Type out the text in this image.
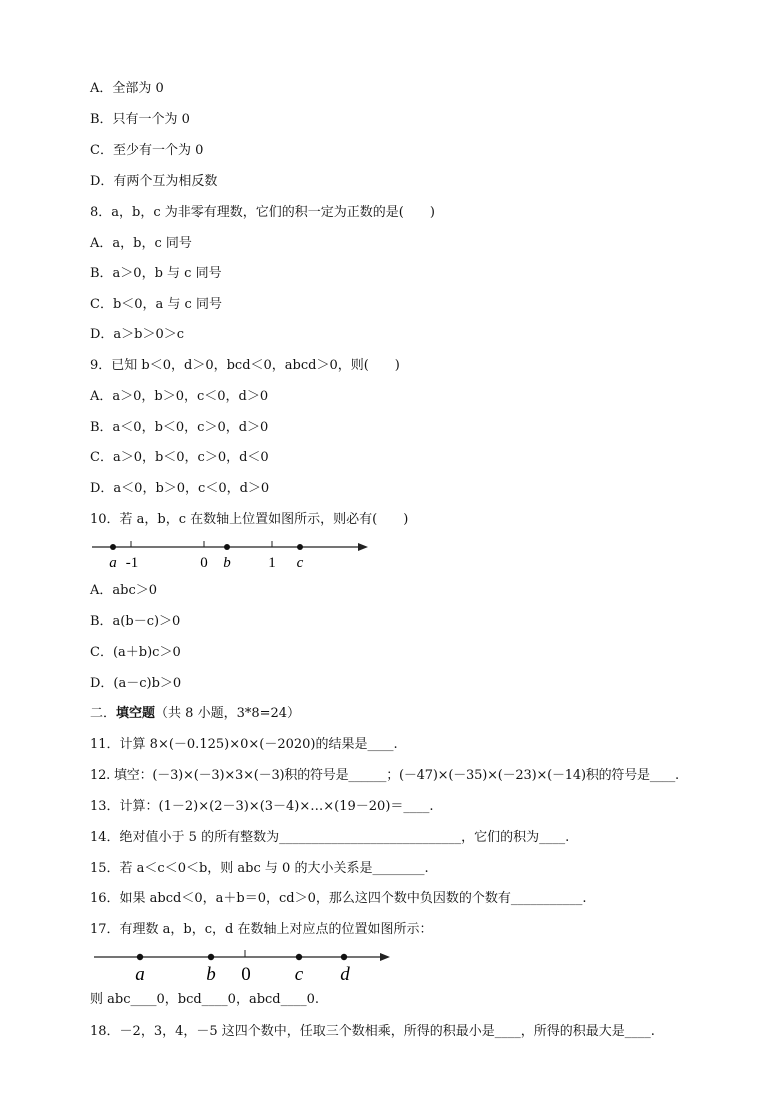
A．全部为 0
B．只有一个为 0
C．至少有一个为 0
D．有两个互为相反数
8．a，b，c 为非零有理数，它们的积一定为正数的是(　　)
A．a，b，c 同号
B．a＞0，b 与 c 同号
C．b＜0，a 与 c 同号
D．a＞b＞0＞c
9．已知 b＜0，d＞0，bcd＜0，abcd＞0，则(　　)
A．a＞0，b＞0，c＜0，d＞0
B．a＜0，b＜0，c＞0，d＞0
C．a＞0，b＜0，c＞0，d＜0
D．a＜0，b＞0，c＜0，d＞0
10．若 a，b，c 在数轴上位置如图所示，则必有(　　)
a -1	0 b	1 c
A．abc＞0
B．a(b－c)＞0
C．(a＋b)c＞0
D．(a－c)b＞0
二．填空题（共 8 小题，3*8=24）
11．计算 8×(－0.125)×0×(－2020)的结果是____.
12. 填空：(－3)×(－3)×3×(－3)积的符号是______；(－47)×(－35)×(－23)×(－14)积的符号是____.
13．计算：(1－2)×(2－3)×(3－4)×…×(19－20)＝____.
14．绝对值小于 5 的所有整数为____________________________，它们的积为____.
15．若 a＜c＜0＜b，则 abc 与 0 的大小关系是________.
16．如果 abcd＜0，a＋b＝0，cd＞0，那么这四个数中负因数的个数有___________.
17．有理数 a，b，c，d 在数轴上对应点的位置如图所示：
a	b 0 c d
则 abc____0，bcd____0，abcd____0.
18．－2，3，4，－5 这四个数中，任取三个数相乘，所得的积最小是____，所得的积最大是____.
